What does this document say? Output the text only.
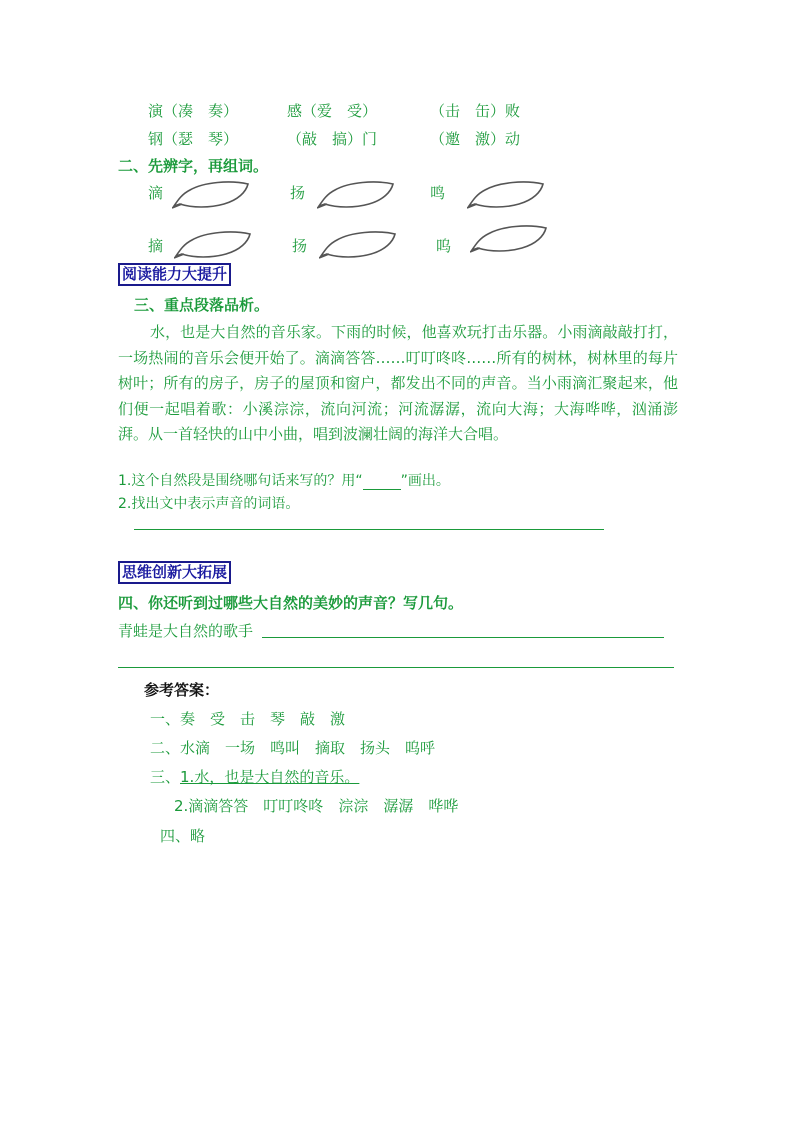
演（凑　奏）	感（爱　受）	（击　缶）败
钢（瑟　琴）	（敲　搞）门	（邀　激）动
二、先辨字，再组词。
滴	扬	鸣
摘	扬	呜
阅读能力大提升
三、重点段落品析。
水，也是大自然的音乐家。下雨的时候，他喜欢玩打击乐器。小雨滴敲敲打打，一场热闹的音乐会便开始了。滴滴答答……叮叮咚咚……所有的树林，树林里的每片树叶；所有的房子，房子的屋顶和窗户，都发出不同的声音。当小雨滴汇聚起来，他们便一起唱着歌：小溪淙淙，流向河流；河流潺潺，流向大海；大海哗哗，汹涌澎湃。从一首轻快的山中小曲，唱到波澜壮阔的海洋大合唱。
1.这个自然段是围绕哪句话来写的？用“	”画出。
2.找出文中表示声音的词语。
思维创新大拓展
四、你还听到过哪些大自然的美妙的声音？写几句。
青蛙是大自然的歌手
参考答案：
一、奏　受　击　琴　敲　激
二、水滴　一场　鸣叫　摘取　扬头　呜呼
三、1.水，也是大自然的音乐。
2.滴滴答答　叮叮咚咚　淙淙　潺潺　哗哗
四、略
